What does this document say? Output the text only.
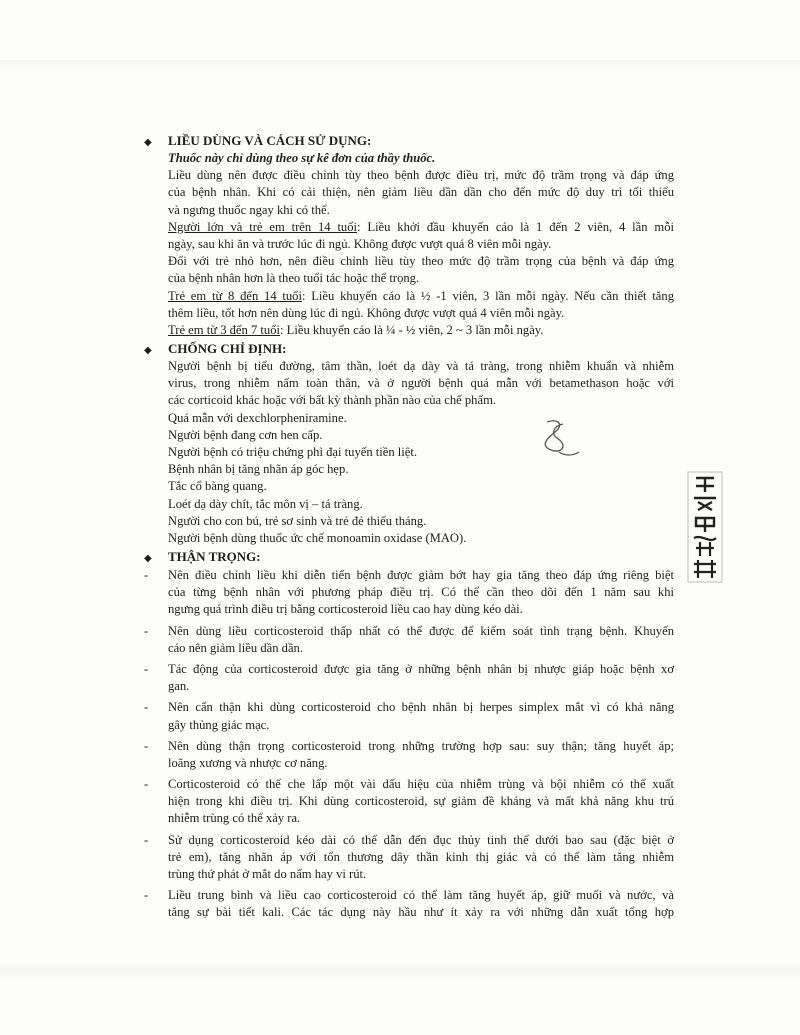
◆	LIỀU DÙNG VÀ CÁCH SỬ DỤNG:
Thuốc này chỉ dùng theo sự kê đơn của thầy thuốc.
Liều dùng nên được điều chỉnh tùy theo bệnh được điều trị, mức độ trầm trọng và đáp ứng
của bệnh nhân. Khi có cải thiện, nên giảm liều dần dần cho đến mức độ duy trì tối thiểu
và ngưng thuốc ngay khi có thể.
Người lớn và trẻ em trên 14 tuổi: Liều khởi đầu khuyến cáo là 1 đến 2 viên, 4 lần mỗi
ngày, sau khi ăn và trước lúc đi ngủ. Không được vượt quá 8 viên mỗi ngày.
Đối với trẻ nhỏ hơn, nên điều chỉnh liều tùy theo mức độ trầm trọng của bệnh và đáp ứng
của bệnh nhân hơn là theo tuổi tác hoặc thể trọng.
Trẻ em từ 8 đến 14 tuổi: Liều khuyến cáo là ½ -1 viên, 3 lần mỗi ngày. Nếu cần thiết tăng
thêm liều, tốt hơn nên dùng lúc đi ngủ. Không được vượt quá 4 viên mỗi ngày.
Trẻ em từ 3 đến 7 tuổi: Liều khuyến cáo là ¼ - ½ viên, 2 ~ 3 lần mỗi ngày.
◆	CHỐNG CHỈ ĐỊNH:
Người bệnh bị tiểu đường, tâm thần, loét dạ dày và tá tràng, trong nhiễm khuẩn và nhiễm
virus, trong nhiễm nấm toàn thân, và ở người bệnh quá mẫn với betamethason hoặc với
các corticoid khác hoặc với bất kỳ thành phần nào của chế phẩm.
Quá mẫn với dexchlorpheniramine.
Người bệnh đang cơn hen cấp.
Người bệnh có triệu chứng phì đại tuyến tiền liệt.
Bệnh nhân bị tăng nhãn áp góc hẹp.
Tắc cổ bàng quang.
Loét dạ dày chít, tắc môn vị – tá tràng.
Người cho con bú, trẻ sơ sinh và trẻ đẻ thiếu tháng.
Người bệnh dùng thuốc ức chế monoamin oxidase (MAO).
◆	THẬN TRỌNG:
-	Nên điều chỉnh liều khi diễn tiến bệnh được giảm bớt hay gia tăng theo đáp ứng riêng biệt
của từng bệnh nhân với phương pháp điều trị. Có thể cần theo dõi đến 1 năm sau khi
ngưng quá trình điều trị bằng corticosteroid liều cao hay dùng kéo dài.
-	Nên dùng liều corticosteroid thấp nhất có thể được để kiểm soát tình trạng bệnh. Khuyến
cáo nên giảm liều dần dần.
-	Tác động của corticosteroid được gia tăng ở những bệnh nhân bị nhược giáp hoặc bệnh xơ
gan.
-	Nên cẩn thận khi dùng corticosteroid cho bệnh nhân bị herpes simplex mắt vì có khả năng
gây thủng giác mạc.
-	Nên dùng thận trọng corticosteroid trong những trường hợp sau: suy thận; tăng huyết áp;
loãng xương và nhược cơ năng.
-	Corticosteroid có thể che lấp một vài dấu hiệu của nhiễm trùng và bội nhiễm có thể xuất
hiện trong khi điều trị. Khi dùng corticosteroid, sự giảm đề kháng và mất khả năng khu trú
nhiễm trùng có thể xảy ra.
-	Sử dụng corticosteroid kéo dài có thể dẫn đến đục thủy tinh thể dưới bao sau (đặc biệt ở
trẻ em), tăng nhãn áp với tổn thương dây thần kinh thị giác và có thể làm tăng nhiễm
trùng thứ phát ở mắt do nấm hay vi rút.
-	Liều trung bình và liều cao corticosteroid có thể làm tăng huyết áp, giữ muối và nước, và
tăng sự bài tiết kali. Các tác dụng này hầu như ít xảy ra với những dẫn xuất tổng hợp
